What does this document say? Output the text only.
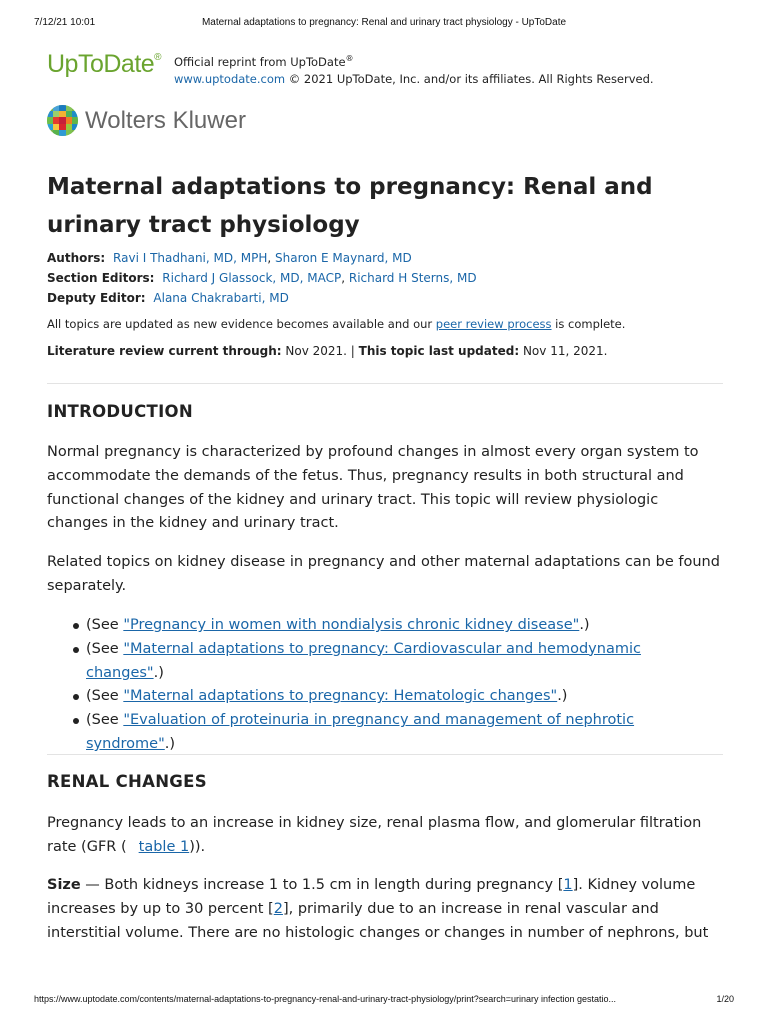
7/12/21 10:01	Maternal adaptations to pregnancy: Renal and urinary tract physiology - UpToDate
UpToDate® Official reprint from UpToDate®
www.uptodate.com © 2021 UpToDate, Inc. and/or its affiliates. All Rights Reserved.
Wolters Kluwer
Maternal adaptations to pregnancy: Renal and urinary tract physiology
Authors: Ravi I Thadhani, MD, MPH, Sharon E Maynard, MD
Section Editors: Richard J Glassock, MD, MACP, Richard H Sterns, MD
Deputy Editor: Alana Chakrabarti, MD
All topics are updated as new evidence becomes available and our peer review process is complete.
Literature review current through: Nov 2021. | This topic last updated: Nov 11, 2021.
INTRODUCTION

Normal pregnancy is characterized by profound changes in almost every organ system to accommodate the demands of the fetus. Thus, pregnancy results in both structural and functional changes of the kidney and urinary tract. This topic will review physiologic changes in the kidney and urinary tract.

Related topics on kidney disease in pregnancy and other maternal adaptations can be found separately.

(See "Pregnancy in women with nondialysis chronic kidney disease".)
(See "Maternal adaptations to pregnancy: Cardiovascular and hemodynamic changes".)
(See "Maternal adaptations to pregnancy: Hematologic changes".)
(See "Evaluation of proteinuria in pregnancy and management of nephrotic syndrome".)
RENAL CHANGES

Pregnancy leads to an increase in kidney size, renal plasma flow, and glomerular filtration rate (GFR ( table 1)).

Size — Both kidneys increase 1 to 1.5 cm in length during pregnancy [1]. Kidney volume increases by up to 30 percent [2], primarily due to an increase in renal vascular and interstitial volume. There are no histologic changes or changes in number of nephrons, but

https://www.uptodate.com/contents/maternal-adaptations-to-pregnancy-renal-and-urinary-tract-physiology/print?search=urinary infection gestatio...	1/20
